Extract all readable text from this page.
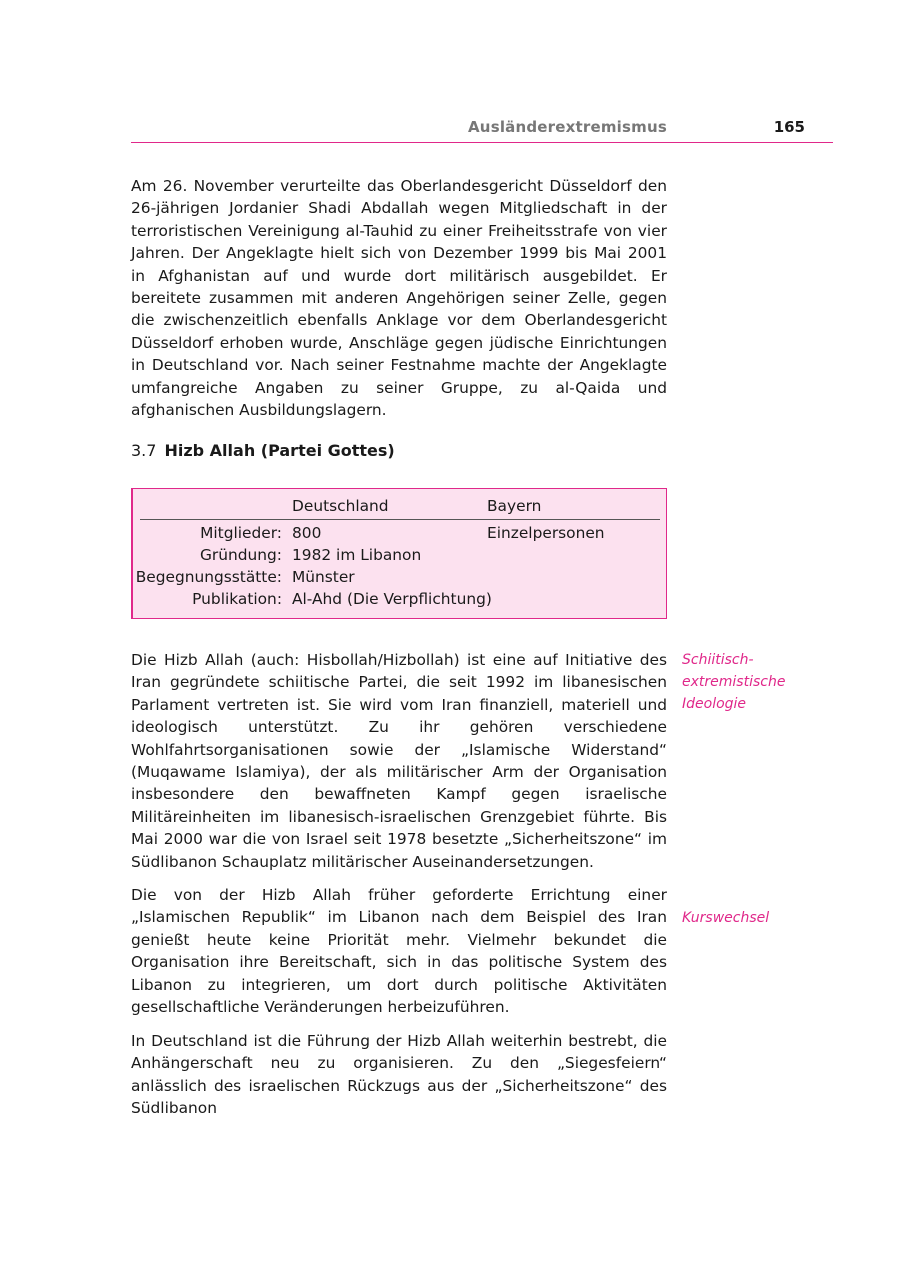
Ausländerextremismus	165

Am 26. November verurteilte das Oberlandesgericht Düsseldorf den 26-jährigen Jordanier Shadi Abdallah wegen Mitgliedschaft in der terroristischen Vereinigung al-Tauhid zu einer Freiheitsstrafe von vier Jahren. Der Angeklagte hielt sich von Dezember 1999 bis Mai 2001 in Afghanistan auf und wurde dort militärisch ausgebildet. Er bereitete zusammen mit anderen Angehörigen seiner Zelle, gegen die zwischenzeitlich ebenfalls Anklage vor dem Oberlandesgericht Düsseldorf erhoben wurde, Anschläge gegen jüdische Einrichtungen in Deutschland vor. Nach seiner Festnahme machte der Angeklagte umfangreiche Angaben zu seiner Gruppe, zu al-Qaida und afghanischen Ausbildungslagern.

3.7 Hizb Allah (Partei Gottes)
Deutschland	Bayern
Mitglieder: 800	Einzelpersonen
Gründung: 1982 im Libanon
Begegnungsstätte: Münster
Publikation: Al-Ahd (Die Verpflichtung)

Die Hizb Allah (auch: Hisbollah/Hizbollah) ist eine auf Initiative des Iran gegründete schiitische Partei, die seit 1992 im libanesischen Parlament vertreten ist. Sie wird vom Iran finanziell, materiell und ideologisch unterstützt. Zu ihr gehören verschiedene Wohlfahrtsorganisationen sowie der „Islamische Widerstand“ (Muqawame Islamiya), der als militärischer Arm der Organisation insbesondere den bewaffneten Kampf gegen israelische Militäreinheiten im libanesisch-israelischen Grenzgebiet führte. Bis Mai 2000 war die von Israel seit 1978 besetzte „Sicherheitszone“ im Südlibanon Schauplatz militärischer Auseinandersetzungen.

Die von der Hizb Allah früher geforderte Errichtung einer „Islamischen Republik“ im Libanon nach dem Beispiel des Iran genießt heute keine Priorität mehr. Vielmehr bekundet die Organisation ihre Bereitschaft, sich in das politische System des Libanon zu integrieren, um dort durch politische Aktivitäten gesellschaftliche Veränderungen herbeizuführen.

In Deutschland ist die Führung der Hizb Allah weiterhin bestrebt, die Anhängerschaft neu zu organisieren. Zu den „Siegesfeiern“ anlässlich des israelischen Rückzugs aus der „Sicherheitszone“ des Südlibanon

Schiitisch-extremistische Ideologie
Kurswechsel
